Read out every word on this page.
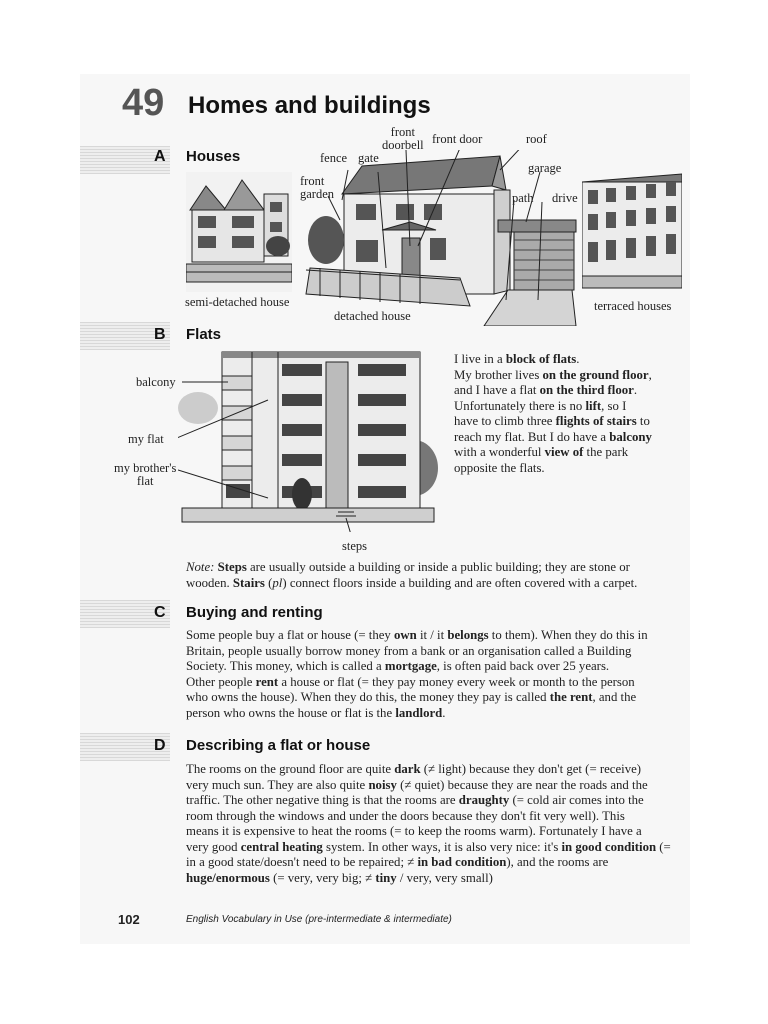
49 Homes and buildings
A Houses
semi-detached house
front
doorbell front door	roof
fence gate
garage
front
garden	path drive
detached house
terraced houses
B Flats
balcony
my flat
my brother's
flat
steps
I live in a block of flats.
My brother lives on the ground floor,
and I have a flat on the third floor.
Unfortunately there is no lift, so I
have to climb three flights of stairs to
reach my flat. But I do have a balcony
with a wonderful view of the park
opposite the flats.
Note: Steps are usually outside a building or inside a public building; they are stone or
wooden. Stairs (pl) connect floors inside a building and are often covered with a carpet.
C Buying and renting
Some people buy a flat or house (= they own it / it belongs to them). When they do this in
Britain, people usually borrow money from a bank or an organisation called a Building
Society. This money, which is called a mortgage, is often paid back over 25 years.
Other people rent a house or flat (= they pay money every week or month to the person
who owns the house). When they do this, the money they pay is called the rent, and the
person who owns the house or flat is the landlord.
D Describing a flat or house
The rooms on the ground floor are quite dark (≠ light) because they don't get (= receive)
very much sun. They are also quite noisy (≠ quiet) because they are near the roads and the
traffic. The other negative thing is that the rooms are draughty (= cold air comes into the
room through the windows and under the doors because they don't fit very well). This
means it is expensive to heat the rooms (= to keep the rooms warm). Fortunately I have a
very good central heating system. In other ways, it is also very nice: it's in good condition (=
in a good state/doesn't need to be repaired; ≠ in bad condition), and the rooms are
huge/enormous (= very, very big; ≠ tiny / very, very small)
102	English Vocabulary in Use (pre-intermediate & intermediate)
